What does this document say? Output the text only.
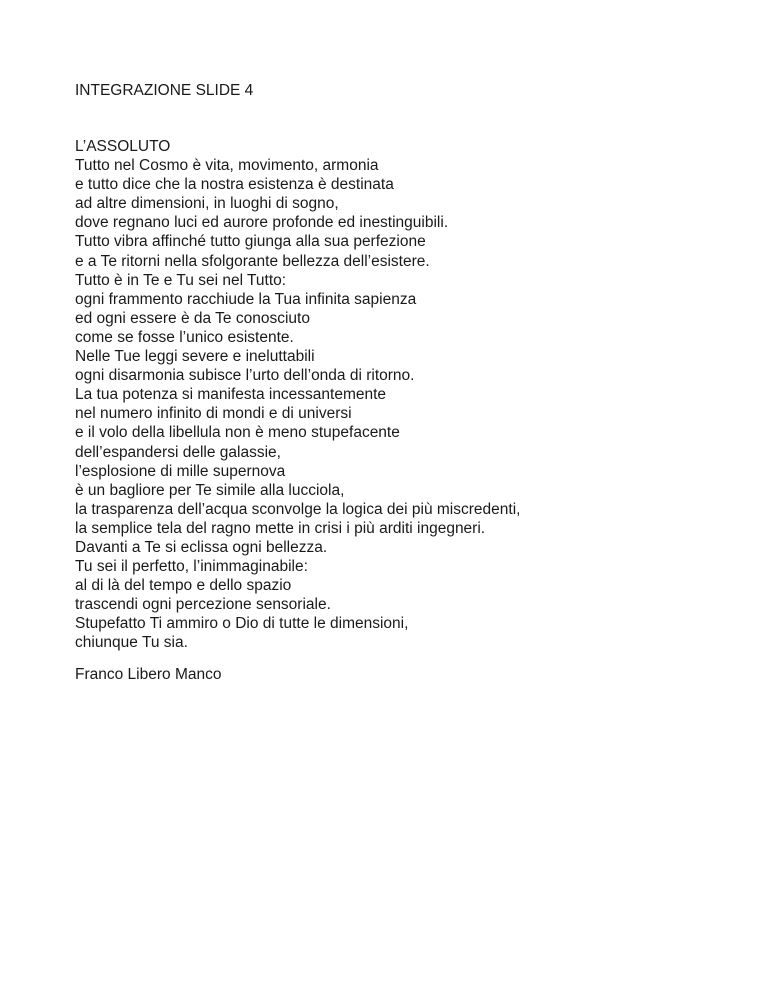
INTEGRAZIONE SLIDE 4
L’ASSOLUTO
Tutto nel Cosmo è vita, movimento, armonia
e tutto dice che la nostra esistenza è destinata
ad altre dimensioni, in luoghi di sogno,
dove regnano luci ed aurore profonde ed inestinguibili.
Tutto vibra affinché tutto giunga alla sua perfezione
e a Te ritorni nella sfolgorante bellezza dell’esistere.
Tutto è in Te e Tu sei nel Tutto:
ogni frammento racchiude la Tua infinita sapienza
ed ogni essere è da Te conosciuto
come se fosse l’unico esistente.
Nelle Tue leggi severe e ineluttabili
ogni disarmonia subisce l’urto dell’onda di ritorno.
La tua potenza si manifesta incessantemente
nel numero infinito di mondi e di universi
e il volo della libellula non è meno stupefacente
dell’espandersi delle galassie,
l’esplosione di mille supernova
è un bagliore per Te simile alla lucciola,
la trasparenza dell’acqua sconvolge la logica dei più miscredenti,
la semplice tela del ragno mette in crisi i più arditi ingegneri.
Davanti a Te si eclissa ogni bellezza.
Tu sei il perfetto, l’inimmaginabile:
al di là del tempo e dello spazio
trascendi ogni percezione sensoriale.
Stupefatto Ti ammiro o Dio di tutte le dimensioni,
chiunque Tu sia.
Franco Libero Manco
